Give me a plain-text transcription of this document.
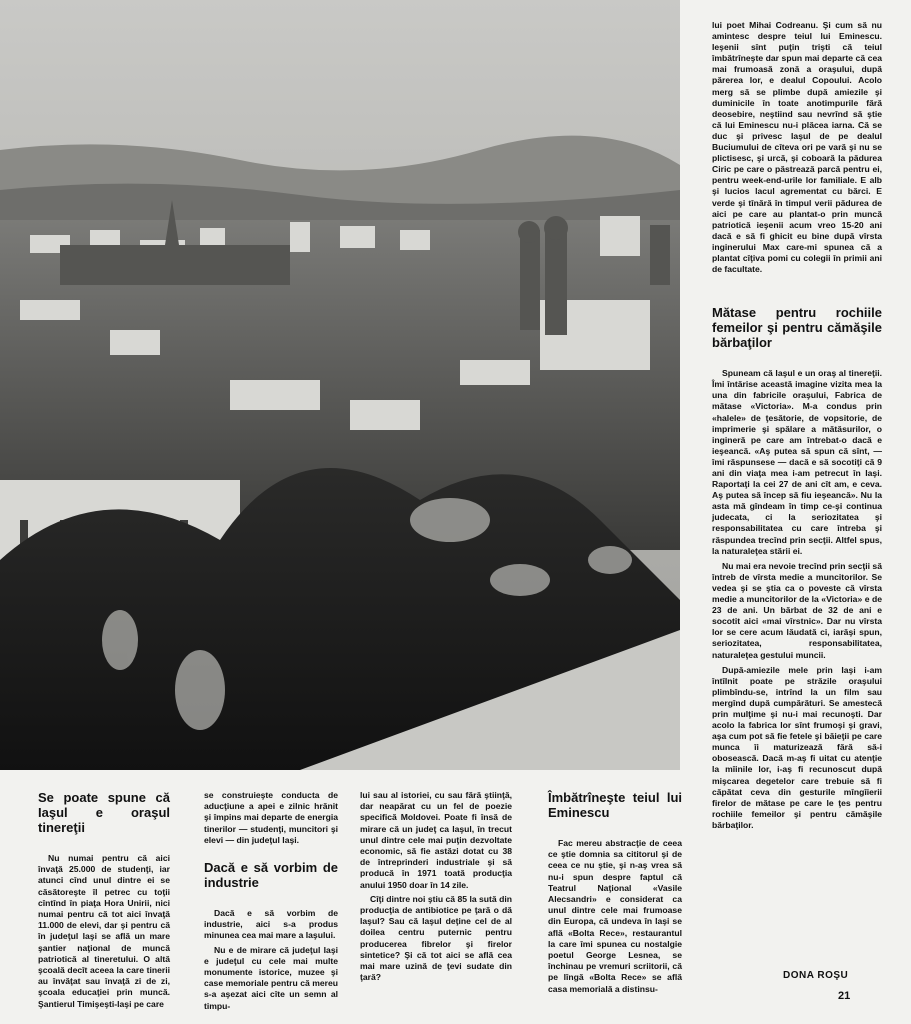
lui poet Mihai Codreanu. Şi cum să nu amintesc despre teiul lui Eminescu. Ieşenii sînt puţin trişti că teiul îmbătrîneşte dar spun mai departe că cea mai frumoasă zonă a oraşului, după părerea lor, e dealul Copoului. Acolo merg să se plimbe după amiezile şi duminicile în toate anotimpurile fără deosebire, neştiind sau nevrînd să ştie că lui Eminescu nu-i plăcea iarna. Că se duc şi privesc Iaşul de pe dealul Buciumului de cîteva ori pe vară şi nu se plictisesc, şi urcă, şi coboară la pădurea Ciric pe care o păstrează parcă pentru ei, pentru week-end-urile lor familiale. E alb şi lucios lacul agrementat cu bărci. E verde şi tînără în timpul verii pădurea de aici pe care au plantat-o prin muncă patriotică ieşenii acum vreo 15-20 ani dacă e să fi ghicit eu bine după vîrsta inginerului Max care-mi spunea că a plantat cîţiva pomi cu colegii în primii ani de facultate.

Mătase pentru rochiile femeilor şi pentru cămăşile bărbaţilor

Spuneam că Iaşul e un oraş al tinereţii. Îmi întărise această imagine vizita mea la una din fabricile oraşului, Fabrica de mătase «Victoria». M-a condus prin «halele» de ţesătorie, de vopsitorie, de imprimerie şi spălare a mătăsurilor, o ingineră pe care am întrebat-o dacă e ieşeancă. «Aş putea să spun că sînt, — îmi răspunsese — dacă e să socotiţi că 9 ani din viaţa mea i-am petrecut în Iaşi. Raportaţi la cei 27 de ani cît am, e ceva. Aş putea să încep să fiu ieşeancă». Nu la asta mă gîndeam în timp ce-şi continua judecata, ci la seriozitatea şi responsabilitatea cu care întreba şi răspundea trecînd prin secţii. Altfel spus, la naturaleţea stării ei.

Nu mai era nevoie trecînd prin secţii să întreb de vîrsta medie a muncitorilor. Se vedea şi se ştia ca o poveste că vîrsta medie a muncitorilor de la «Victoria» e de 23 de ani. Un bărbat de 32 de ani e socotit aici «mai vîrstnic». Dar nu vîrsta lor se cere acum lăudată ci, iarăşi spun, seriozitatea, responsabilitatea, naturaleţea gestului muncii.

După-amiezile mele prin Iaşi i-am întîlnit poate pe străzile oraşului plimbîndu-se, intrînd la un film sau mergînd după cumpărături. Se amestecă prin mulţime şi nu-i mai recunoşti. Dar acolo la fabrica lor sînt frumoşi şi gravi, aşa cum pot să fie fetele şi băieţii pe care munca îi maturizează fără să-i obosească. Dacă m-aş fi uitat cu atenţie la mîinile lor, i-aş fi recunoscut după mişcarea degetelor care trebuie să fi căpătat ceva din gesturile mîngîierii firelor de mătase pe care le ţes pentru rochiile femeilor şi pentru cămăşile bărbaţilor.

Se poate spune că Iaşul e oraşul tinereţii

Nu numai pentru că aici învaţă 25.000 de studenţi, iar atunci cînd unul dintre ei se căsătoreşte îl petrec cu toţii cîntînd în piaţa Hora Unirii, nici numai pentru că tot aici învaţă 11.000 de elevi, dar şi pentru că în judeţul Iaşi se află un mare şantier naţional de muncă patriotică al tineretului. O altă şcoală decît aceea la care tinerii au învăţat sau învaţă zi de zi, şcoala educaţiei prin muncă. Şantierul Timişeşti-Iaşi pe care

se construieşte conducta de aducţiune a apei e zilnic hrănit şi împins mai departe de energia tinerilor — studenţi, muncitori şi elevi — din judeţul Iaşi.

Dacă e să vorbim de industrie

Dacă e să vorbim de industrie, aici s-a produs minunea cea mai mare a Iaşului.

Nu e de mirare că judeţul Iaşi e judeţul cu cele mai multe monumente istorice, muzee şi case memoriale pentru că mereu s-a aşezat aici cîte un semn al timpu-

lui sau al istoriei, cu sau fără ştiinţă, dar neapărat cu un fel de poezie specifică Moldovei. Poate fi însă de mirare că un judeţ ca Iaşul, în trecut unul dintre cele mai puţin dezvoltate economic, să fie astăzi dotat cu 38 de întreprinderi industriale şi să producă în 1971 toată producţia anului 1950 doar în 14 zile.

Cîţi dintre noi ştiu că 85 la sută din producţia de antibiotice pe ţară o dă Iaşul? Sau că Iaşul deţine cel de al doilea centru puternic pentru producerea fibrelor şi firelor sintetice? Şi că tot aici se află cea mai mare uzină de ţevi sudate din ţară?

Îmbătrîneşte teiul lui Eminescu

Fac mereu abstracţie de ceea ce ştie domnia sa cititorul şi de ceea ce nu ştie, şi n-aş vrea să nu-i spun despre faptul că Teatrul Naţional «Vasile Alecsandri» e considerat ca unul dintre cele mai frumoase din Europa, că undeva în Iaşi se află «Bolta Rece», restaurantul la care îmi spunea cu nostalgie poetul George Lesnea, se închinau pe vremuri scriitorii, că pe lîngă «Bolta Rece» se află casa memorială a distinsu-

DONA ROŞU
21
